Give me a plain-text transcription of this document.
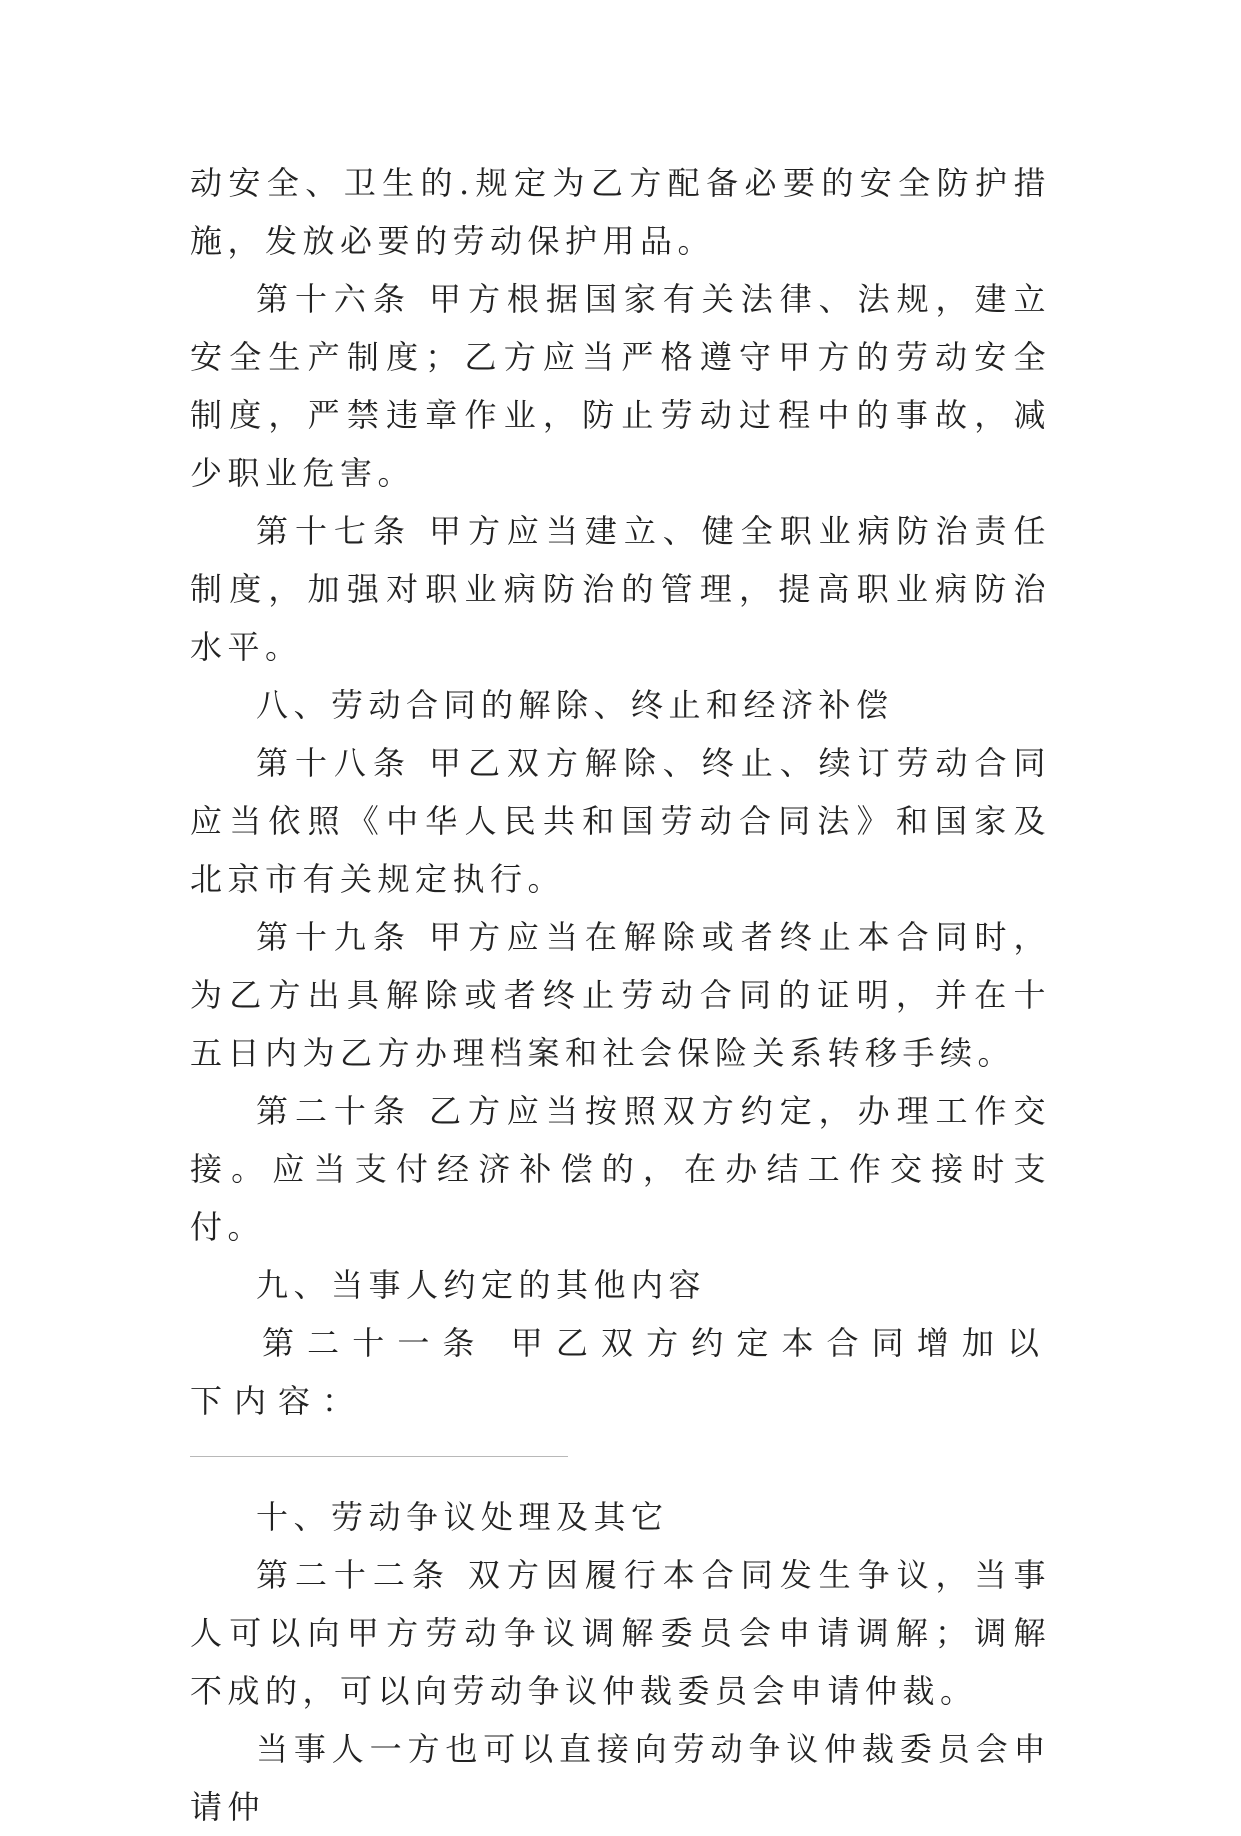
动安全、卫生的.规定为乙方配备必要的安全防护措施，发放必要的劳动保护用品。

第十六条 甲方根据国家有关法律、法规，建立安全生产制度；乙方应当严格遵守甲方的劳动安全制度，严禁违章作业，防止劳动过程中的事故，减少职业危害。

第十七条 甲方应当建立、健全职业病防治责任制度，加强对职业病防治的管理，提高职业病防治水平。

八、劳动合同的解除、终止和经济补偿

第十八条 甲乙双方解除、终止、续订劳动合同应当依照《中华人民共和国劳动合同法》和国家及北京市有关规定执行。

第十九条 甲方应当在解除或者终止本合同时，为乙方出具解除或者终止劳动合同的证明，并在十五日内为乙方办理档案和社会保险关系转移手续。

第二十条 乙方应当按照双方约定，办理工作交接。应当支付经济补偿的，在办结工作交接时支付。

九、当事人约定的其他内容

第二十一条 甲乙双方约定本合同增加以下内容：

十、劳动争议处理及其它

第二十二条 双方因履行本合同发生争议，当事人可以向甲方劳动争议调解委员会申请调解；调解不成的，可以向劳动争议仲裁委员会申请仲裁。

当事人一方也可以直接向劳动争议仲裁委员会申请仲
